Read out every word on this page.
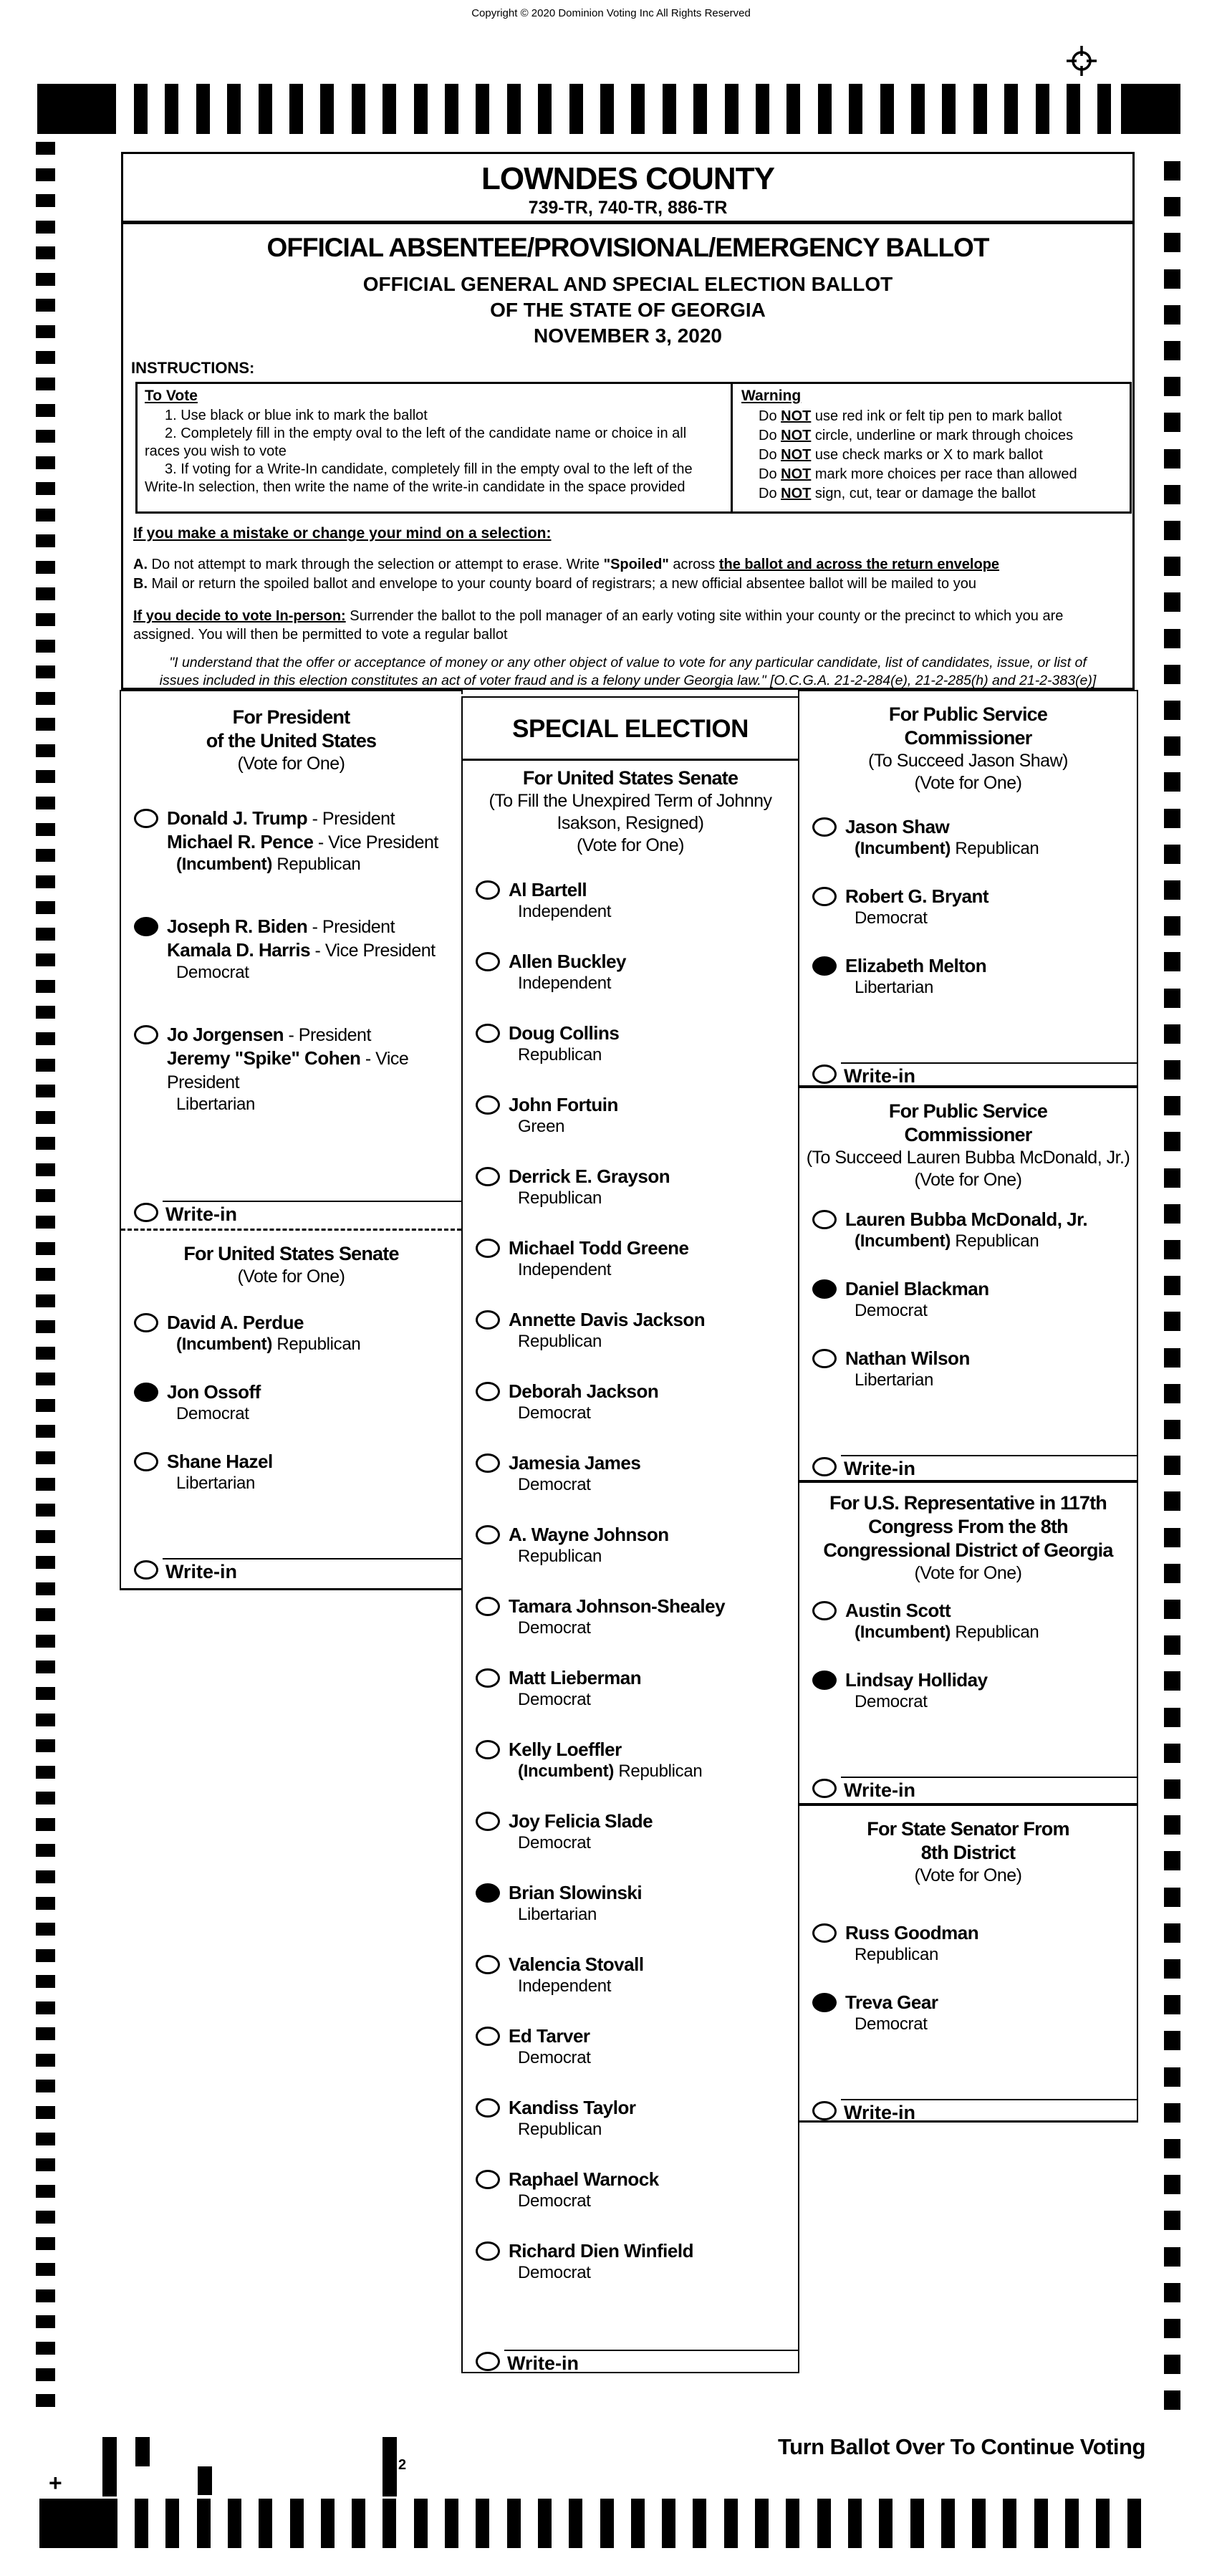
Copyright © 2020 Dominion Voting Inc All Rights Reserved
LOWNDES COUNTY
739-TR, 740-TR, 886-TR
OFFICIAL ABSENTEE/PROVISIONAL/EMERGENCY BALLOT
OFFICIAL GENERAL AND SPECIAL ELECTION BALLOT
OF THE STATE OF GEORGIA
NOVEMBER 3, 2020
INSTRUCTIONS:
To Vote
1. Use black or blue ink to mark the ballot
2. Completely fill in the empty oval to the left of the candidate name or choice in all races you wish to vote
3. If voting for a Write-In candidate, completely fill in the empty oval to the left of the Write-In selection, then write the name of the write-in candidate in the space provided
Warning
Do NOT use red ink or felt tip pen to mark ballot
Do NOT circle, underline or mark through choices
Do NOT use check marks or X to mark ballot
Do NOT mark more choices per race than allowed
Do NOT sign, cut, tear or damage the ballot
If you make a mistake or change your mind on a selection:
A. Do not attempt to mark through the selection or attempt to erase. Write "Spoiled" across the ballot and across the return envelope
B. Mail or return the spoiled ballot and envelope to your county board of registrars; a new official absentee ballot will be mailed to you
If you decide to vote In-person: Surrender the ballot to the poll manager of an early voting site within your county or the precinct to which you are assigned. You will then be permitted to vote a regular ballot
"I understand that the offer or acceptance of money or any other object of value to vote for any particular candidate, list of candidates, issue, or list of issues included in this election constitutes an act of voter fraud and is a felony under Georgia law." [O.C.G.A. 21-2-284(e), 21-2-285(h) and 21-2-383(e)]
For President
of the United States
(Vote for One)
Donald J. Trump - President
Michael R. Pence - Vice President
(Incumbent) Republican
Joseph R. Biden - President
Kamala D. Harris - Vice President
Democrat
Jo Jorgensen - President
Jeremy "Spike" Cohen - Vice President
Libertarian
Write-in
For United States Senate
(Vote for One)
David A. Perdue
(Incumbent) Republican
Jon Ossoff
Democrat
Shane Hazel
Libertarian
Write-in
SPECIAL ELECTION
For United States Senate
(To Fill the Unexpired Term of Johnny
Isakson, Resigned)
(Vote for One)
Al Bartell
Independent
Allen Buckley
Independent
Doug Collins
Republican
John Fortuin
Green
Derrick E. Grayson
Republican
Michael Todd Greene
Independent
Annette Davis Jackson
Republican
Deborah Jackson
Democrat
Jamesia James
Democrat
A. Wayne Johnson
Republican
Tamara Johnson-Shealey
Democrat
Matt Lieberman
Democrat
Kelly Loeffler
(Incumbent) Republican
Joy Felicia Slade
Democrat
Brian Slowinski
Libertarian
Valencia Stovall
Independent
Ed Tarver
Democrat
Kandiss Taylor
Republican
Raphael Warnock
Democrat
Richard Dien Winfield
Democrat
Write-in
For Public Service
Commissioner
(To Succeed Jason Shaw)
(Vote for One)
Jason Shaw
(Incumbent) Republican
Robert G. Bryant
Democrat
Elizabeth Melton
Libertarian
Write-in
For Public Service
Commissioner
(To Succeed Lauren Bubba McDonald, Jr.)
(Vote for One)
Lauren Bubba McDonald, Jr.
(Incumbent) Republican
Daniel Blackman
Democrat
Nathan Wilson
Libertarian
Write-in
For U.S. Representative in 117th
Congress From the 8th
Congressional District of Georgia
(Vote for One)
Austin Scott
(Incumbent) Republican
Lindsay Holliday
Democrat
Write-in
For State Senator From
8th District
(Vote for One)
Russ Goodman
Republican
Treva Gear
Democrat
Write-in
Turn Ballot Over To Continue Voting
+
2
